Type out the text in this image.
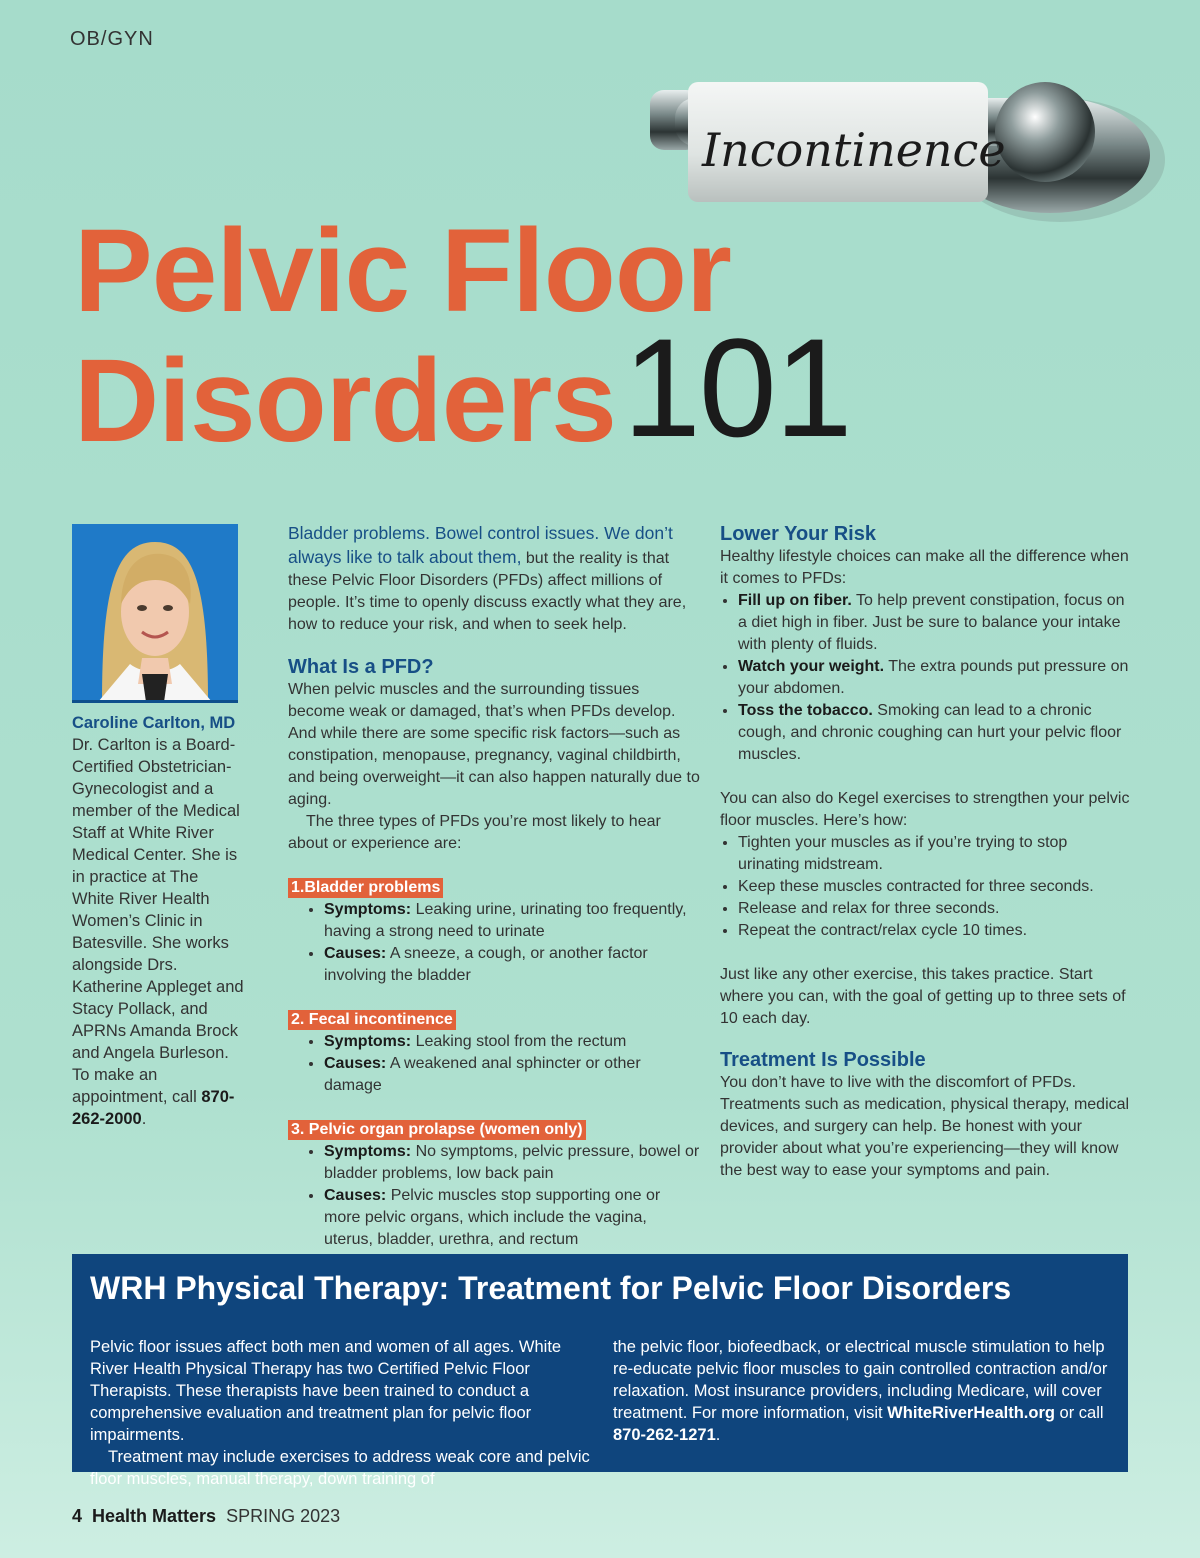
OB/GYN
Incontinence
Pelvic Floor
Disorders 101
Caroline Carlton, MD
Dr. Carlton is a Board-Certified Obstetrician-Gynecologist and a member of the Medical Staff at White River Medical Center. She is in practice at The White River Health Women’s Clinic in Batesville. She works alongside Drs. Katherine Appleget and Stacy Pollack, and APRNs Amanda Brock and Angela Burleson. To make an appointment, call 870-262-2000.

Bladder problems. Bowel control issues. We don’t always like to talk about them, but the reality is that these Pelvic Floor Disorders (PFDs) affect millions of people. It’s time to openly discuss exactly what they are, how to reduce your risk, and when to seek help.

What Is a PFD?

When pelvic muscles and the surrounding tissues become weak or damaged, that’s when PFDs develop. And while there are some specific risk factors—such as constipation, menopause, pregnancy, vaginal childbirth, and being overweight—it can also happen naturally due to aging.

The three types of PFDs you’re most likely to hear about or experience are:

1.Bladder problems
• Symptoms: Leaking urine, urinating too frequently, having a strong need to urinate
• Causes: A sneeze, a cough, or another factor involving the bladder
2. Fecal incontinence
• Symptoms: Leaking stool from the rectum
• Causes: A weakened anal sphincter or other damage
3. Pelvic organ prolapse (women only)
• Symptoms: No symptoms, pelvic pressure, bowel or bladder problems, low back pain
• Causes: Pelvic muscles stop supporting one or more pelvic organs, which include the vagina, uterus, bladder, urethra, and rectum
Lower Your Risk

Healthy lifestyle choices can make all the difference when it comes to PFDs:

• Fill up on fiber. To help prevent constipation, focus on a diet high in fiber. Just be sure to balance your intake with plenty of fluids.
• Watch your weight. The extra pounds put pressure on your abdomen.
• Toss the tobacco. Smoking can lead to a chronic cough, and chronic coughing can hurt your pelvic floor muscles.

You can also do Kegel exercises to strengthen your pelvic floor muscles. Here’s how:

• Tighten your muscles as if you’re trying to stop urinating midstream.
• Keep these muscles contracted for three seconds.
• Release and relax for three seconds.
• Repeat the contract/relax cycle 10 times.

Just like any other exercise, this takes practice. Start where you can, with the goal of getting up to three sets of 10 each day.

Treatment Is Possible

You don’t have to live with the discomfort of PFDs. Treatments such as medication, physical therapy, medical devices, and surgery can help. Be honest with your provider about what you’re experiencing—they will know the best way to ease your symptoms and pain.

WRH Physical Therapy: Treatment for Pelvic Floor Disorders

Pelvic floor issues affect both men and women of all ages. White River Health Physical Therapy has two Certified Pelvic Floor Therapists. These therapists have been trained to conduct a comprehensive evaluation and treatment plan for pelvic floor impairments.

Treatment may include exercises to address weak core and pelvic floor muscles, manual therapy, down training of

the pelvic floor, biofeedback, or electrical muscle stimulation to help re-educate pelvic floor muscles to gain controlled contraction and/or relaxation. Most insurance providers, including Medicare, will cover treatment. For more information, visit WhiteRiverHealth.org or call 870-262-1271.

4 Health Matters SPRING 2023
